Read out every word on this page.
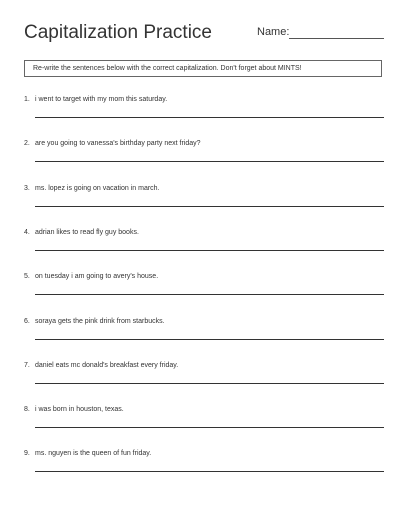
Capitalization Practice	Name:
Re-write the sentences below with the correct capitalization. Don't forget about MINTS!
1. i went to target with my mom this saturday.
2. are you going to vanessa's birthday party next friday?
3. ms. lopez is going on vacation in march.
4. adrian likes to read fly guy books.
5. on tuesday i am going to avery's house.
6. soraya gets the pink drink from starbucks.
7. daniel eats mc donald's breakfast every friday.
8. i was born in houston, texas.
9. ms. nguyen is the queen of fun friday.
